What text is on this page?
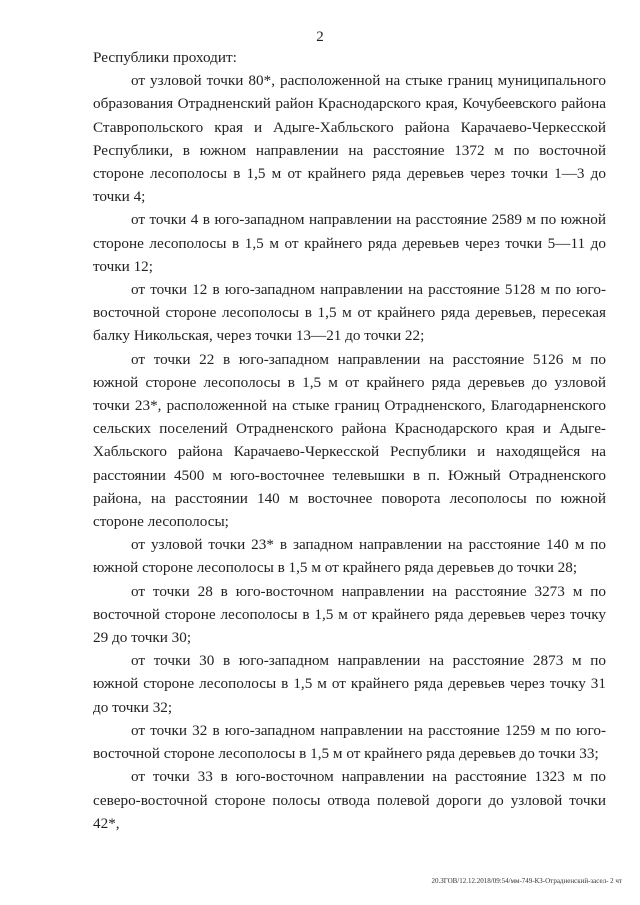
2

Республики проходит:

от узловой точки 80*, расположенной на стыке границ муниципального образования Отрадненский район Краснодарского края, Кочубеевского района Ставропольского края и Адыге-Хабльского района Карачаево-Черкесской Республики, в южном направлении на расстояние 1372 м по восточной стороне лесополосы в 1,5 м от крайнего ряда деревьев через точки 1—3 до точки 4;

от точки 4 в юго-западном направлении на расстояние 2589 м по южной стороне лесополосы в 1,5 м от крайнего ряда деревьев через точки 5—11 до точки 12;

от точки 12 в юго-западном направлении на расстояние 5128 м по юго-восточной стороне лесополосы в 1,5 м от крайнего ряда деревьев, пересекая балку Никольская, через точки 13—21 до точки 22;

от точки 22 в юго-западном направлении на расстояние 5126 м по южной стороне лесополосы в 1,5 м от крайнего ряда деревьев до узловой точки 23*, расположенной на стыке границ Отрадненского, Благодарненского сельских поселений Отрадненского района Краснодарского края и Адыге-Хабльского района Карачаево-Черкесской Республики и находящейся на расстоянии 4500 м юго-восточнее телевышки в п. Южный Отрадненского района, на расстоянии 140 м восточнее поворота лесополосы по южной стороне лесополосы;

от узловой точки 23* в западном направлении на расстояние 140 м по южной стороне лесополосы в 1,5 м от крайнего ряда деревьев до точки 28;

от точки 28 в юго-восточном направлении на расстояние 3273 м по восточной стороне лесополосы в 1,5 м от крайнего ряда деревьев через точку 29 до точки 30;

от точки 30 в юго-западном направлении на расстояние 2873 м по южной стороне лесополосы в 1,5 м от крайнего ряда деревьев через точку 31 до точки 32;

от точки 32 в юго-западном направлении на расстояние 1259 м по юго-восточной стороне лесополосы в 1,5 м от крайнего ряда деревьев до точки 33;

от точки 33 в юго-восточном направлении на расстояние 1323 м по северо-восточной стороне полосы отвода полевой дороги до узловой точки 42*,

20.ЗГОВ/12.12.2018/09:54/мм-749-КЗ-Отрадненский-засел- 2 чт
